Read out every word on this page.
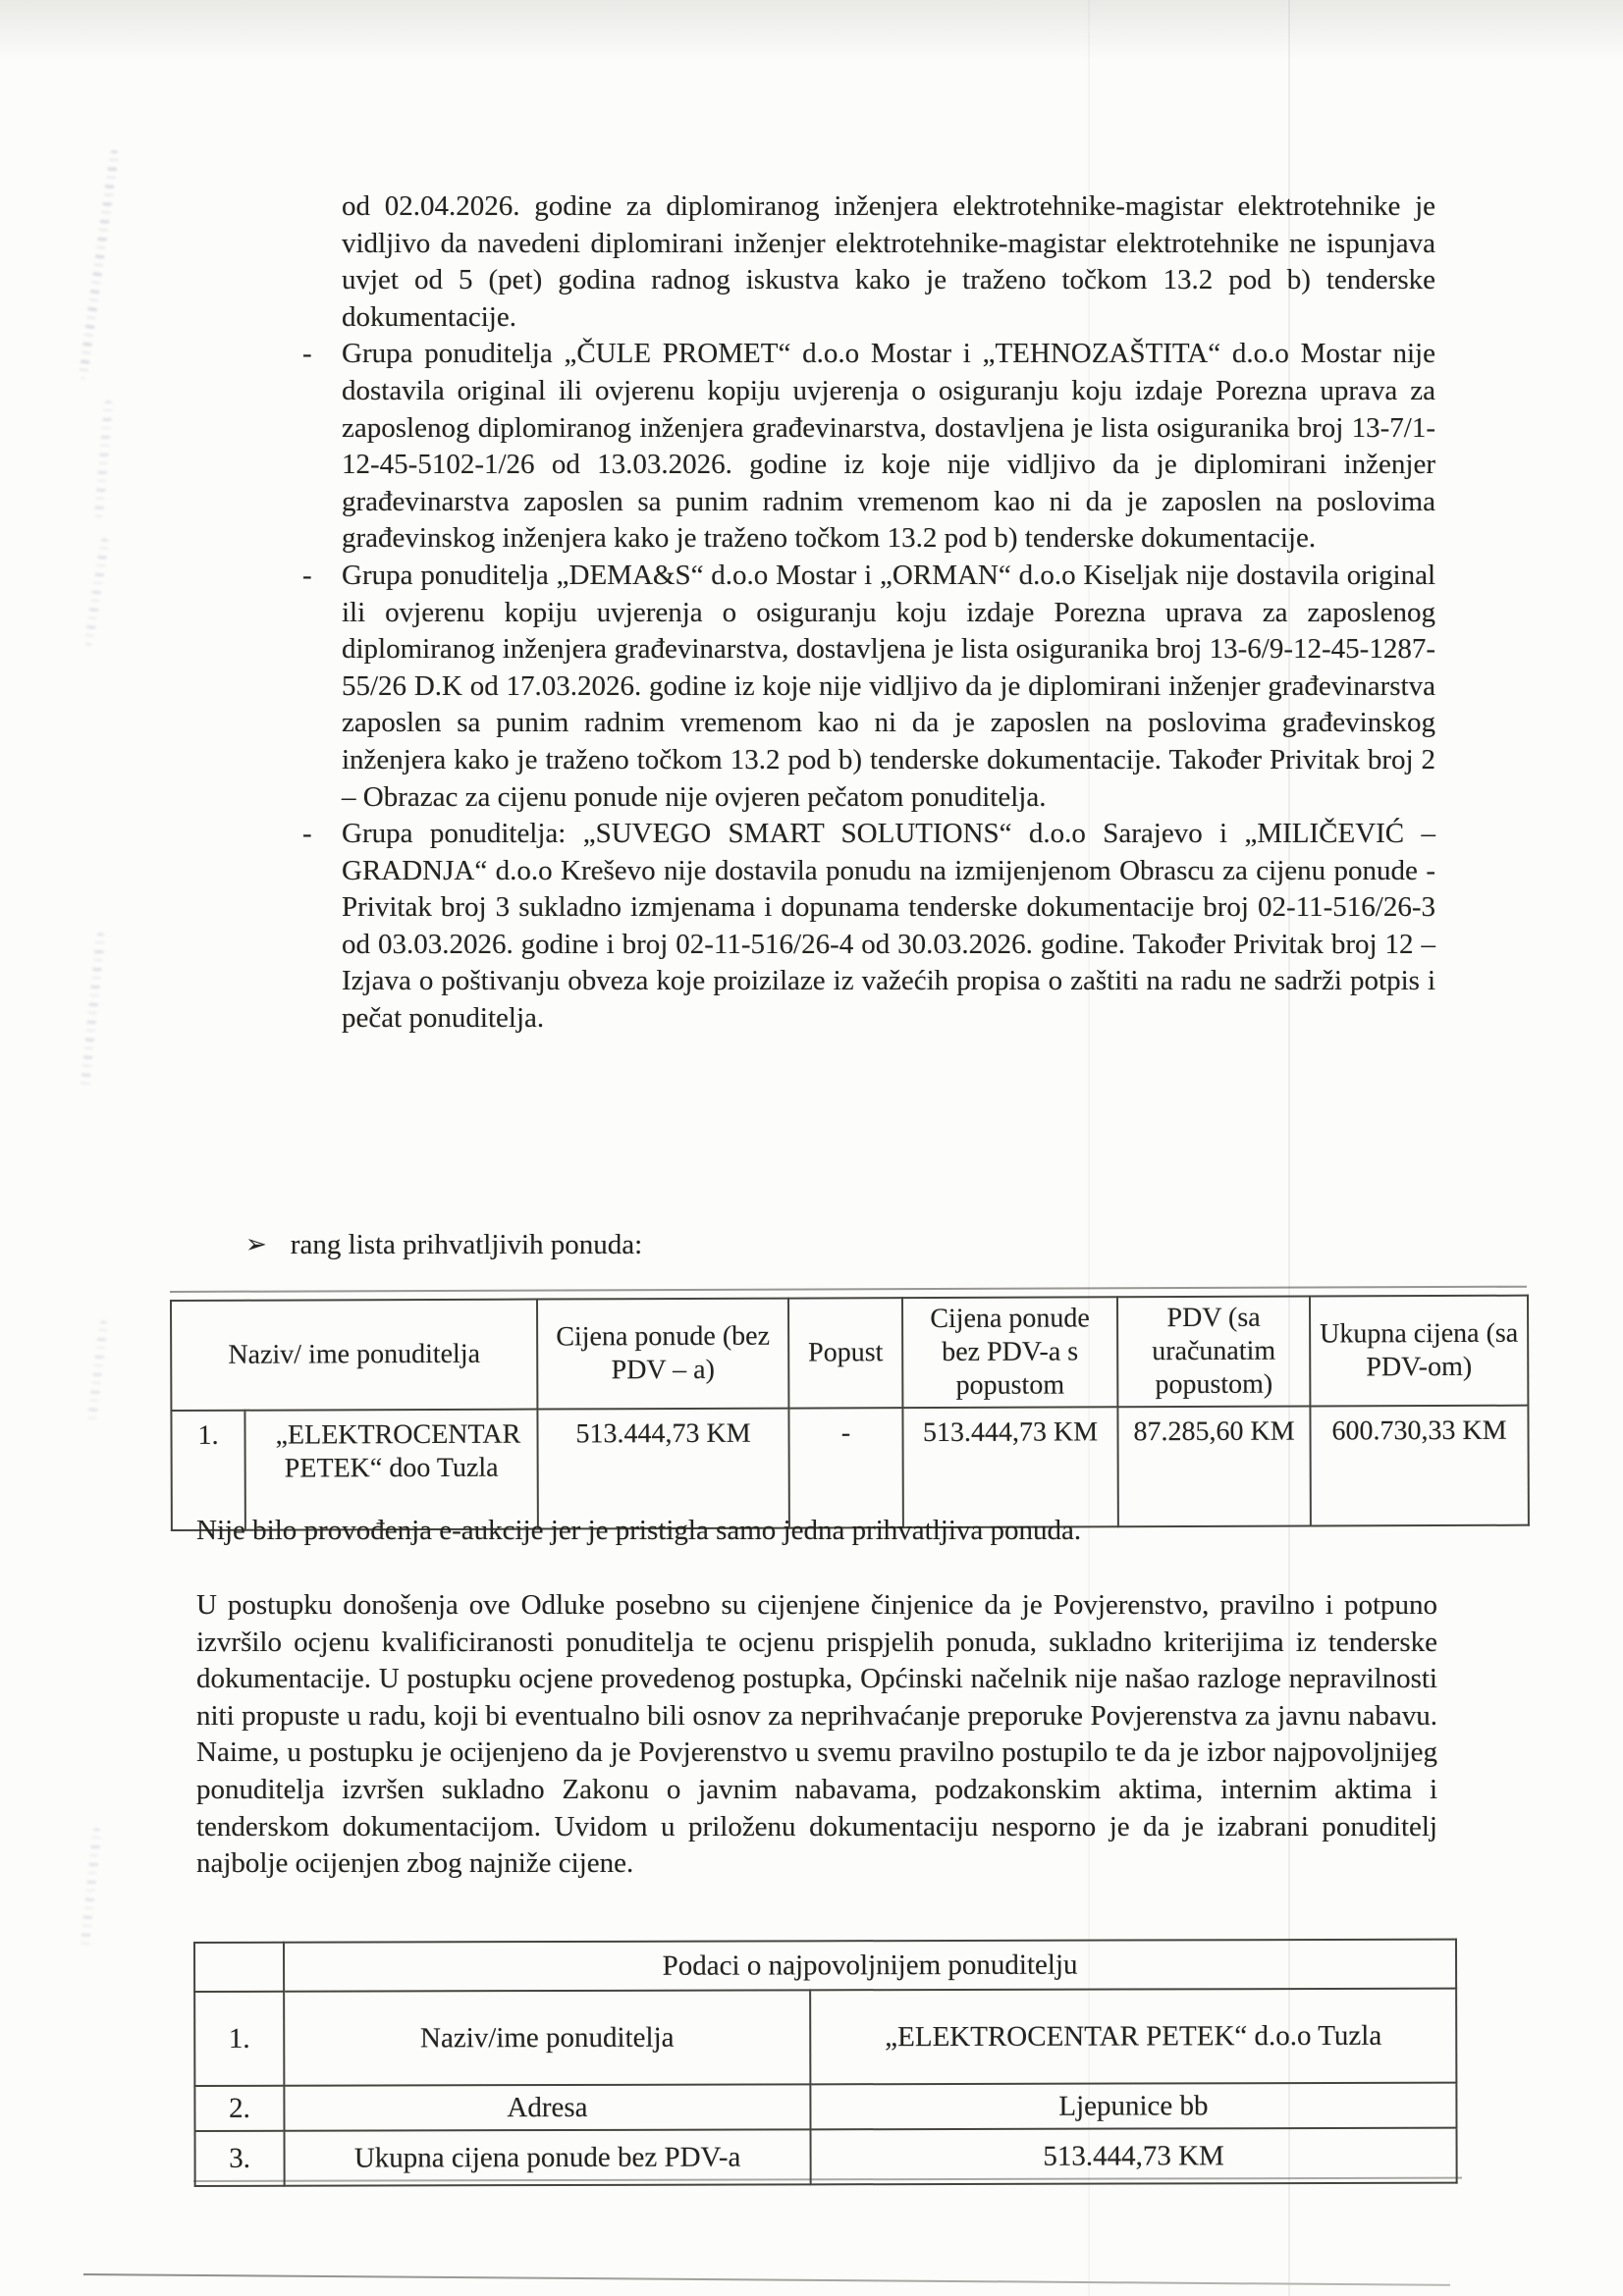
od 02.04.2026. godine za diplomiranog inženjera elektrotehnike-magistar elektrotehnike je vidljivo da navedeni diplomirani inženjer elektrotehnike-magistar elektrotehnike ne ispunjava uvjet od 5 (pet) godina radnog iskustva kako je traženo točkom 13.2 pod b) tenderske dokumentacije.

- Grupa ponuditelja „ČULE PROMET“ d.o.o Mostar i „TEHNOZAŠTITA“ d.o.o Mostar nije dostavila original ili ovjerenu kopiju uvjerenja o osiguranju koju izdaje Porezna uprava za zaposlenog diplomiranog inženjera građevinarstva, dostavljena je lista osiguranika broj 13-7/1-12-45-5102-1/26 od 13.03.2026. godine iz koje nije vidljivo da je diplomirani inženjer građevinarstva zaposlen sa punim radnim vremenom kao ni da je zaposlen na poslovima građevinskog inženjera kako je traženo točkom 13.2 pod b) tenderske dokumentacije.
- Grupa ponuditelja „DEMA&S“ d.o.o Mostar i „ORMAN“ d.o.o Kiseljak nije dostavila original ili ovjerenu kopiju uvjerenja o osiguranju koju izdaje Porezna uprava za zaposlenog diplomiranog inženjera građevinarstva, dostavljena je lista osiguranika broj 13-6/9-12-45-1287-55/26 D.K od 17.03.2026. godine iz koje nije vidljivo da je diplomirani inženjer građevinarstva zaposlen sa punim radnim vremenom kao ni da je zaposlen na poslovima građevinskog inženjera kako je traženo točkom 13.2 pod b) tenderske dokumentacije. Također Privitak broj 2 – Obrazac za cijenu ponude nije ovjeren pečatom ponuditelja.
- Grupa ponuditelja: „SUVEGO SMART SOLUTIONS“ d.o.o Sarajevo i „MILIČEVIĆ – GRADNJA“ d.o.o Kreševo nije dostavila ponudu na izmijenjenom Obrascu za cijenu ponude - Privitak broj 3 sukladno izmjenama i dopunama tenderske dokumentacije broj 02-11-516/26-3 od 03.03.2026. godine i broj 02-11-516/26-4 od 30.03.2026. godine. Također Privitak broj 12 – Izjava o poštivanju obveza koje proizilaze iz važećih propisa o zaštiti na radu ne sadrži potpis i pečat ponuditelja.
➢ rang lista prihvatljivih ponuda:
Naziv/ ime ponuditelja		Cijena ponude (bez PDV – a)	Popust	Cijena ponude bez PDV-a s popustom	PDV (sa uračunatim popustom)	Ukupna cijena (sa PDV-om)
1.	„ELEKTROCENTAR PETEK“ doo Tuzla	513.444,73 KM	-	513.444,73 KM	87.285,60 KM	600.730,33 KM

Nije bilo provođenja e-aukcije jer je pristigla samo jedna prihvatljiva ponuda.

U postupku donošenja ove Odluke posebno su cijenjene činjenice da je Povjerenstvo, pravilno i potpuno izvršilo ocjenu kvalificiranosti ponuditelja te ocjenu prispjelih ponuda, sukladno kriterijima iz tenderske dokumentacije. U postupku ocjene provedenog postupka, Općinski načelnik nije našao razloge nepravilnosti niti propuste u radu, koji bi eventualno bili osnov za neprihvaćanje preporuke Povjerenstva za javnu nabavu. Naime, u postupku je ocijenjeno da je Povjerenstvo u svemu pravilno postupilo te da je izbor najpovoljnijeg ponuditelja izvršen sukladno Zakonu o javnim nabavama, podzakonskim aktima, internim aktima i tenderskom dokumentacijom. Uvidom u priloženu dokumentaciju nesporno je da je izabrani ponuditelj najbolje ocijenjen zbog najniže cijene.

	Podaci o najpovoljnijem ponuditelju	
1.	Naziv/ime ponuditelja	„ELEKTROCENTAR PETEK“ d.o.o Tuzla
2.	Adresa	Ljepunice bb
3.	Ukupna cijena ponude bez PDV-a	513.444,73 KM
